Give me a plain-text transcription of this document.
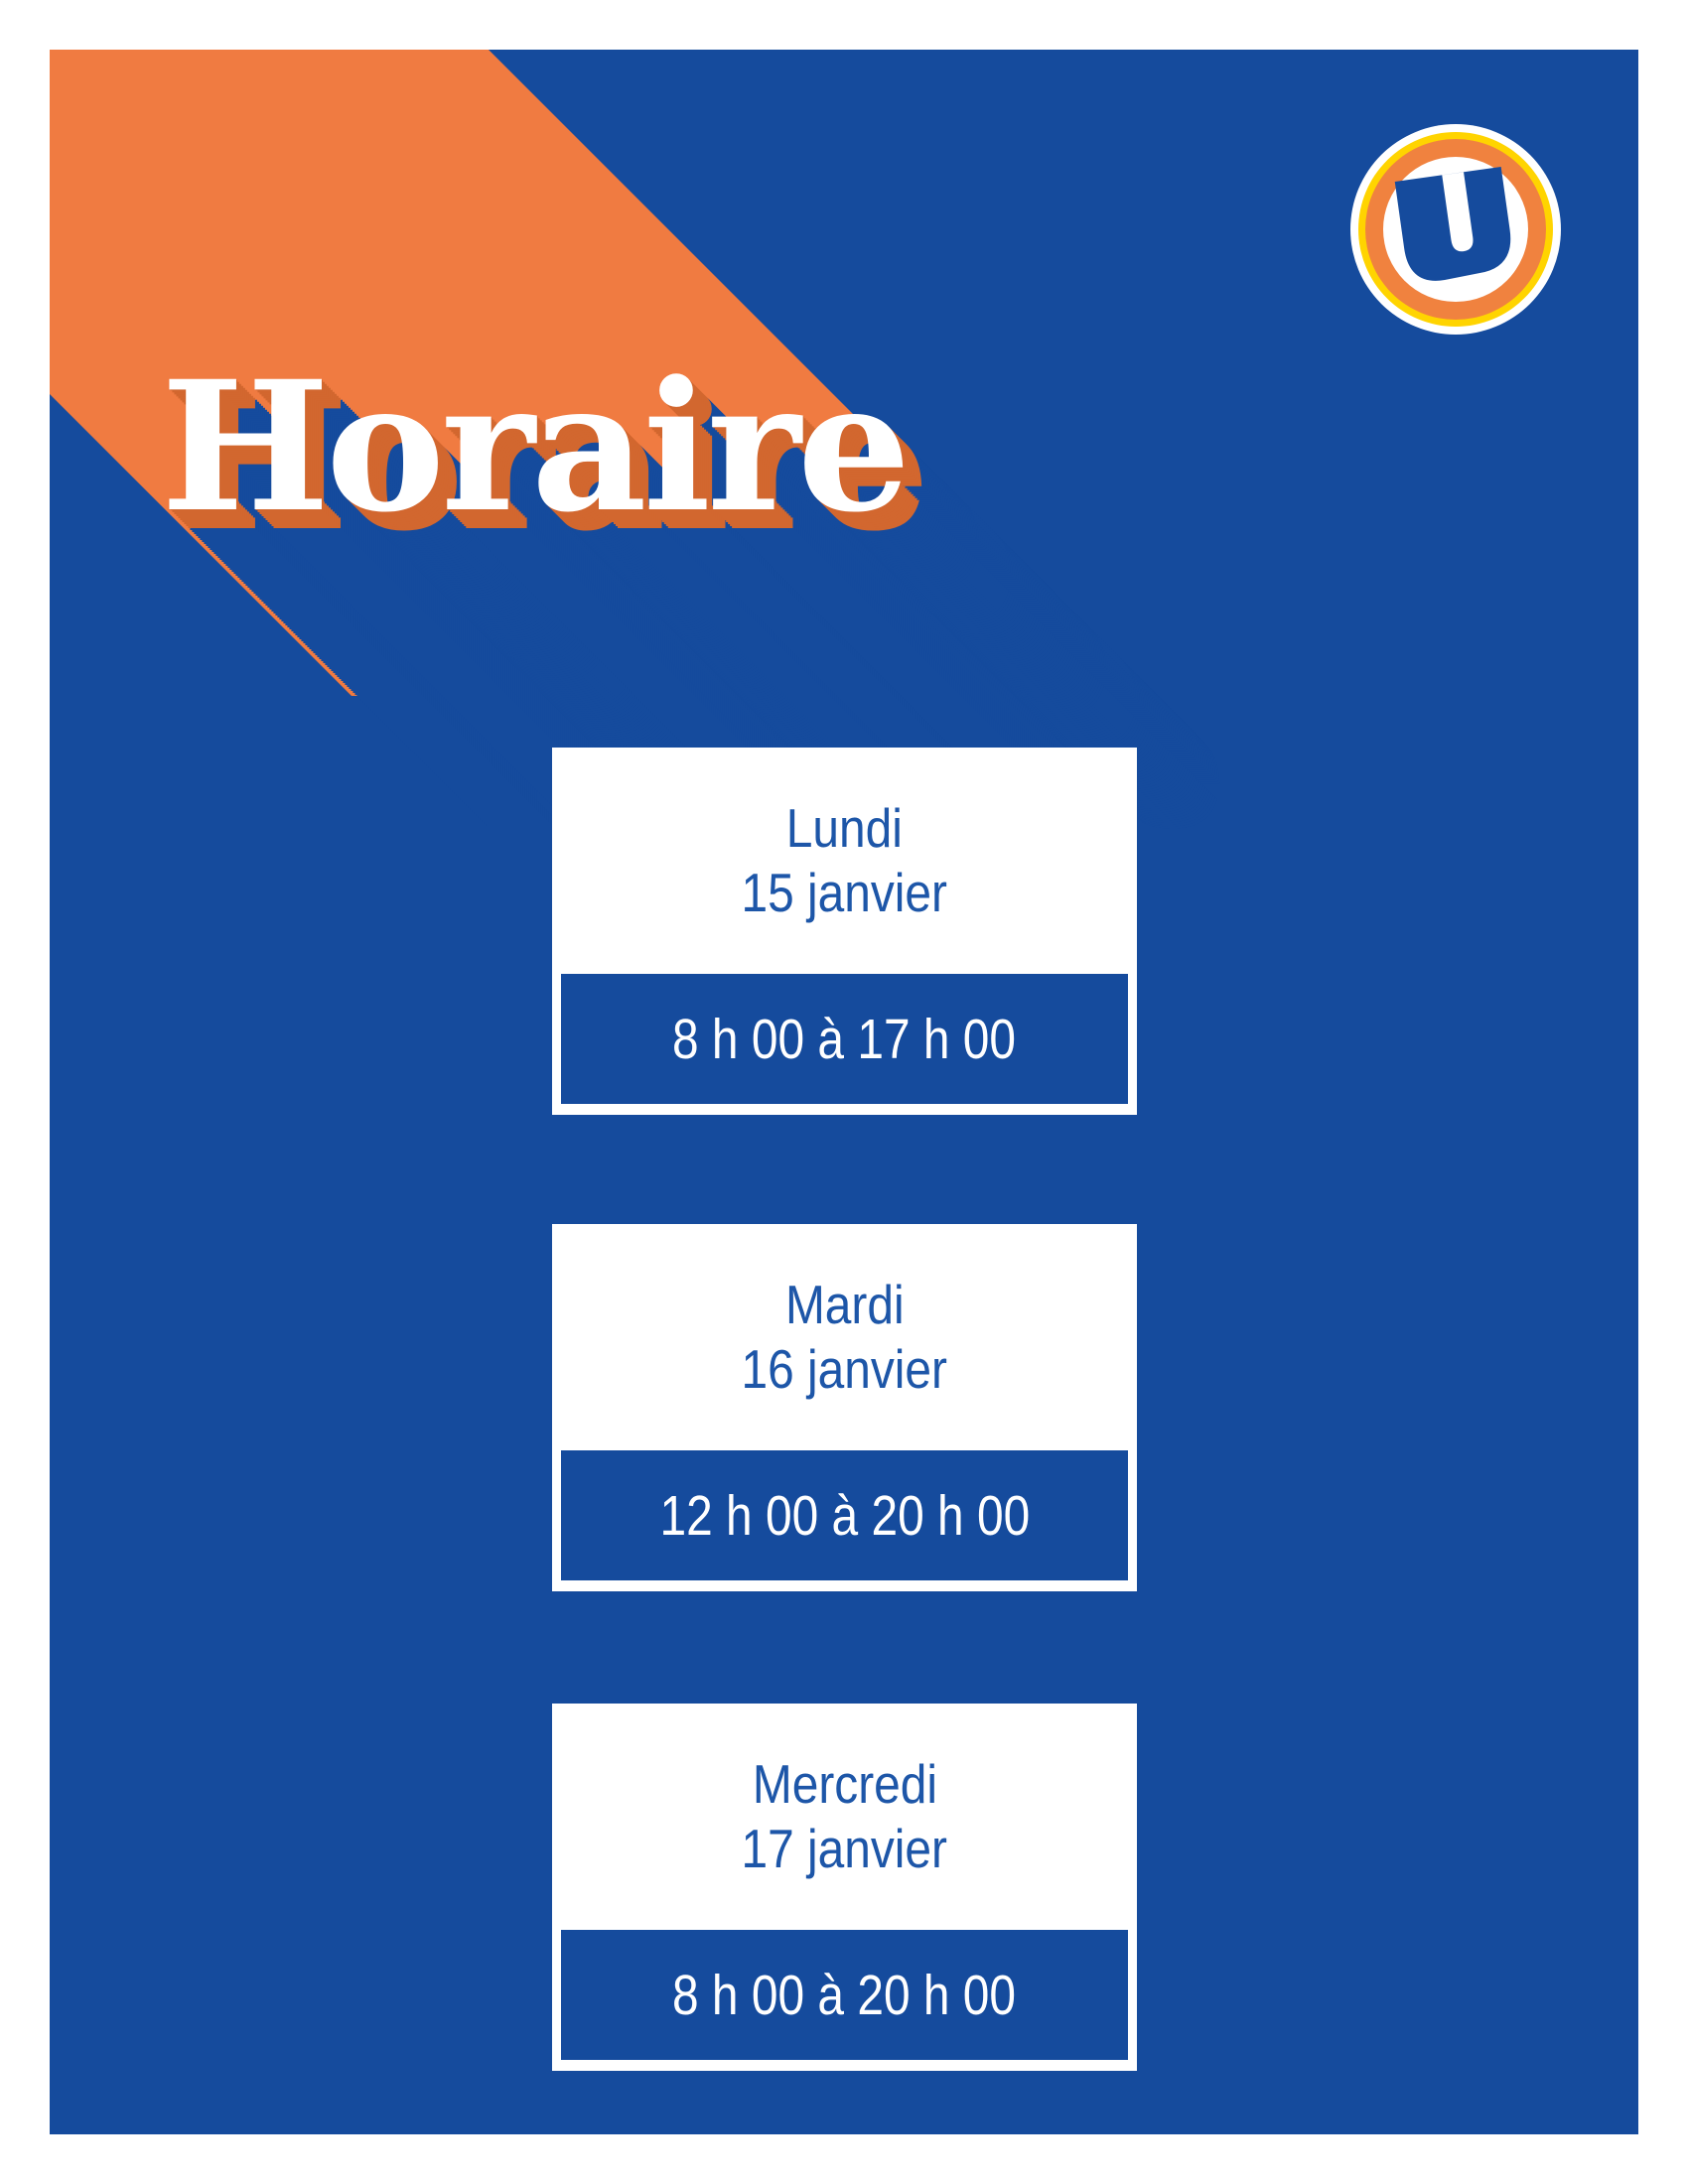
Horaire
Lundi
15 janvier
8 h 00 à 17 h 00
Mardi
16 janvier
12 h 00 à 20 h 00
Mercredi
17 janvier
8 h 00 à 20 h 00
